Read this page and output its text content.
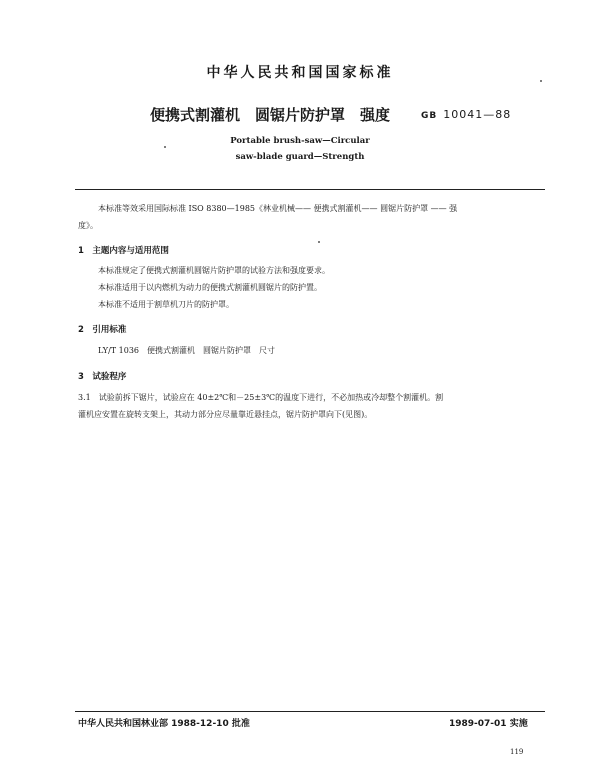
中华人民共和国国家标准
便携式割灌机　圆锯片防护罩　强度	GB 10041—88
Portable brush-saw—Circular
saw-blade guard—Strength
本标准等效采用国际标准 ISO 8380—1985《林业机械—— 便携式割灌机—— 圆锯片防护罩 —— 强
度》。
1　主题内容与适用范围
本标准规定了便携式割灌机圆锯片防护罩的试验方法和强度要求。
本标准适用于以内燃机为动力的便携式割灌机圆锯片的防护置。
本标准不适用于割草机刀片的防护罩。
2　引用标准
LY/T 1036　便携式割灌机　圆锯片防护罩　尺寸
3　试验程序
3.1　试验前拆下锯片，试验应在 40±2℃和－25±3℃的温度下进行，不必加热或冷却整个割灌机。割
灌机应安置在旋转支架上，其动力部分应尽量靠近悬挂点，锯片防护罩向下(见图)。
中华人民共和国林业部 1988-12-10 批准	1989-07-01 实施
119
